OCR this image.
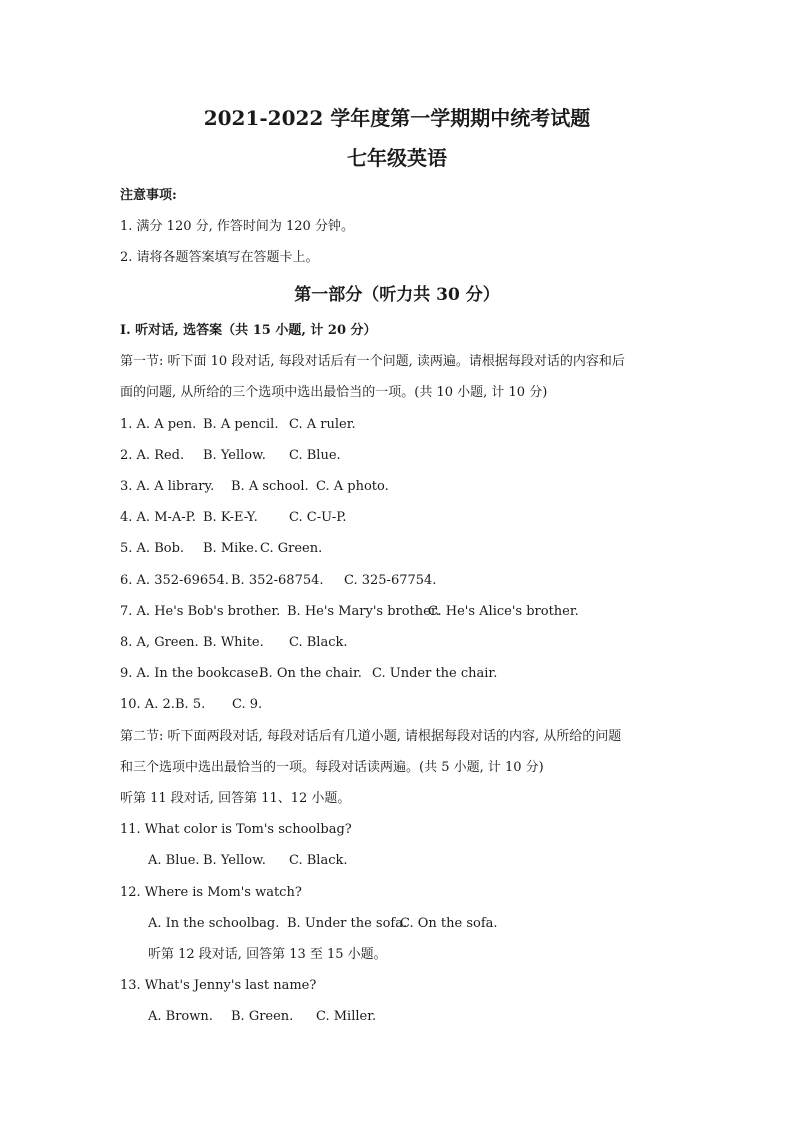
2021-2022 学年度第一学期期中统考试题
七年级英语
注意事项:
1. 满分 120 分, 作答时间为 120 分钟。
2. 请将各题答案填写在答题卡上。
第一部分（听力共 30 分）
I. 听对话, 选答案（共 15 小题, 计 20 分）
第一节: 听下面 10 段对话, 每段对话后有一个问题, 读两遍。请根据每段对话的内容和后
面的问题, 从所给的三个选项中选出最恰当的一项。(共 10 小题, 计 10 分)
1. A. A pen. B. A pencil. C. A ruler.
2. A. Red. B. Yellow. C. Blue.
3. A. A library. B. A school. C. A photo.
4. A. M-A-P. B. K-E-Y. C. C-U-P.
5. A. Bob. B. Mike. C. Green.
6. A. 352-69654. B. 352-68754. C. 325-67754.
7. A. He's Bob's brother. B. He's Mary's brother.C. He's Alice's brother.
8. A, Green. B. White. C. Black.
9. A. In the bookcase.B. On the chair. C. Under the chair.
10. A. 2.B. 5. C. 9.
第二节: 听下面两段对话, 每段对话后有几道小题, 请根据每段对话的内容, 从所给的问题
和三个选项中选出最恰当的一项。每段对话读两遍。(共 5 小题, 计 10 分)
听第 11 段对话, 回答第 11、12 小题。
11. What color is Tom's schoolbag?
A. Blue. B. Yellow. C. Black.
12. Where is Mom's watch?
A. In the schoolbag. B. Under the sofa.C. On the sofa.
听第 12 段对话, 回答第 13 至 15 小题。
13. What's Jenny's last name?
A. Brown. B. Green. C. Miller.
